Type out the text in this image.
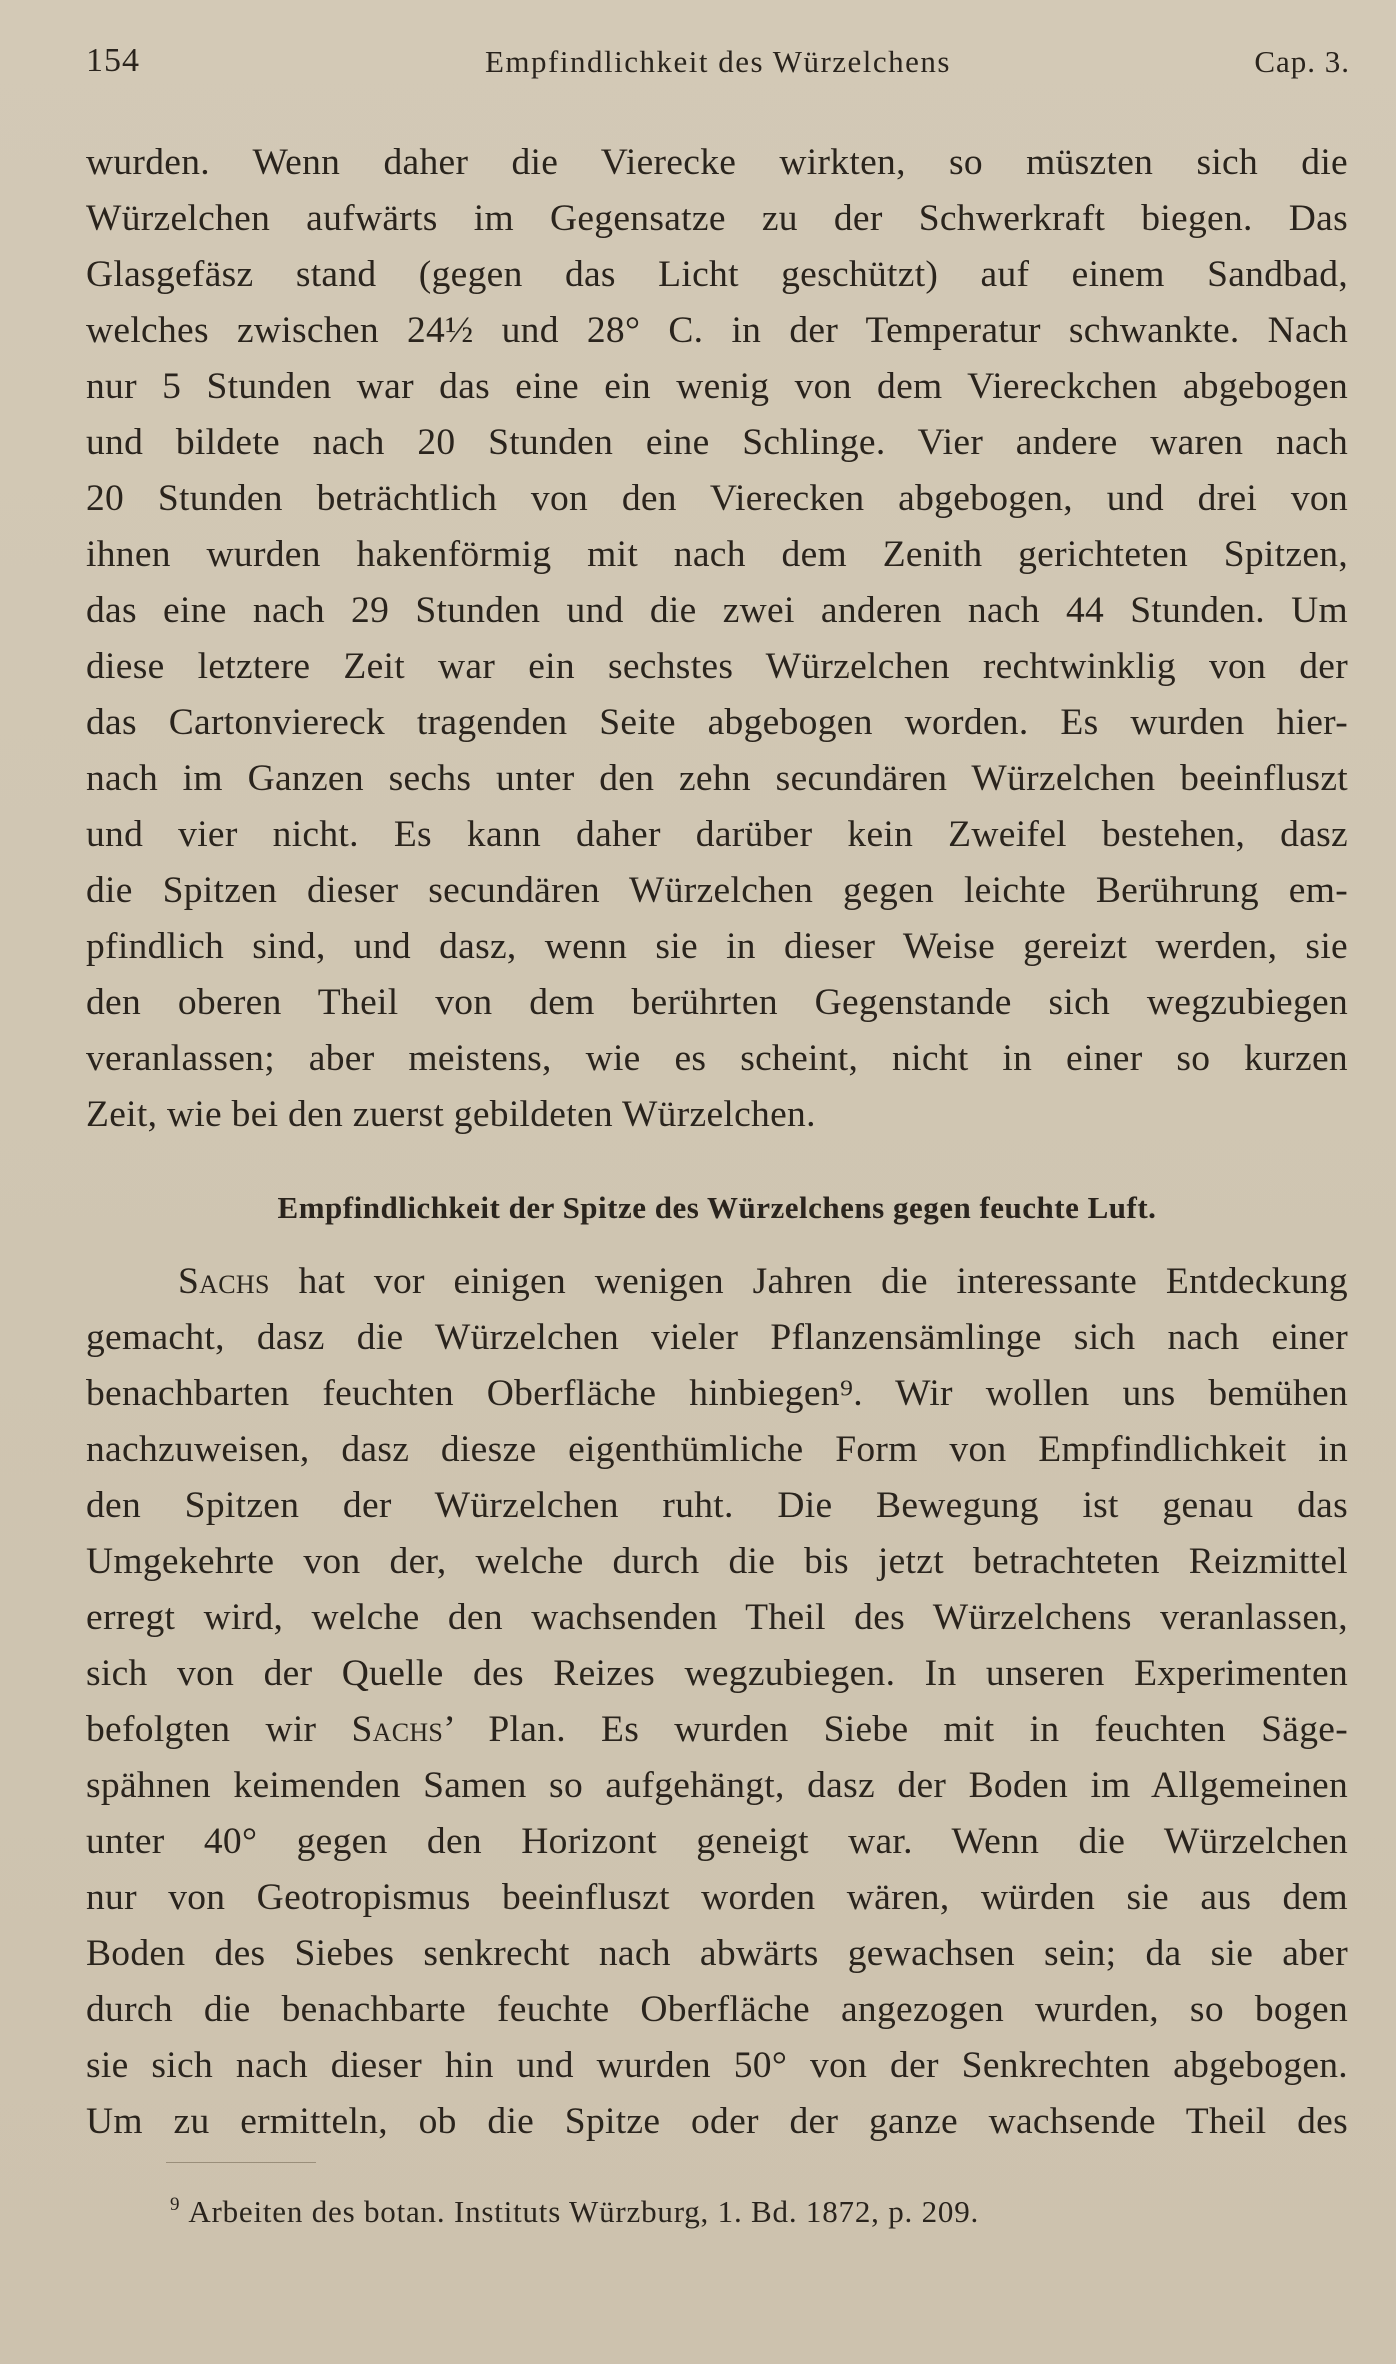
154	Empfindlichkeit des Würzelchens	Cap. 3.
wurden. Wenn daher die Vierecke wirkten, so müszten sich die
Würzelchen aufwärts im Gegensatze zu der Schwerkraft biegen. Das
Glasgefäsz stand (gegen das Licht geschützt) auf einem Sandbad,
welches zwischen 24½ und 28° C. in der Temperatur schwankte. Nach
nur 5 Stunden war das eine ein wenig von dem Viereckchen abgebogen
und bildete nach 20 Stunden eine Schlinge. Vier andere waren nach
20 Stunden beträchtlich von den Vierecken abgebogen, und drei von
ihnen wurden hakenförmig mit nach dem Zenith gerichteten Spitzen,
das eine nach 29 Stunden und die zwei anderen nach 44 Stunden. Um
diese letztere Zeit war ein sechstes Würzelchen rechtwinklig von der
das Cartonviereck tragenden Seite abgebogen worden. Es wurden hier-
nach im Ganzen sechs unter den zehn secundären Würzelchen beeinfluszt
und vier nicht. Es kann daher darüber kein Zweifel bestehen, dasz
die Spitzen dieser secundären Würzelchen gegen leichte Berührung em-
pfindlich sind, und dasz, wenn sie in dieser Weise gereizt werden, sie
den oberen Theil von dem berührten Gegenstande sich wegzubiegen
veranlassen; aber meistens, wie es scheint, nicht in einer so kurzen
Zeit, wie bei den zuerst gebildeten Würzelchen.
Empfindlichkeit der Spitze des Würzelchens gegen feuchte Luft.
Sachs hat vor einigen wenigen Jahren die interessante Entdeckung
gemacht, dasz die Würzelchen vieler Pflanzensämlinge sich nach einer
benachbarten feuchten Oberfläche hinbiegen⁹. Wir wollen uns bemühen
nachzuweisen, dasz diesze eigenthümliche Form von Empfindlichkeit in
den Spitzen der Würzelchen ruht. Die Bewegung ist genau das
Umgekehrte von der, welche durch die bis jetzt betrachteten Reizmittel
erregt wird, welche den wachsenden Theil des Würzelchens veranlassen,
sich von der Quelle des Reizes wegzubiegen. In unseren Experimenten
befolgten wir Sachs’ Plan. Es wurden Siebe mit in feuchten Säge-
spähnen keimenden Samen so aufgehängt, dasz der Boden im Allgemeinen
unter 40° gegen den Horizont geneigt war. Wenn die Würzelchen
nur von Geotropismus beeinfluszt worden wären, würden sie aus dem
Boden des Siebes senkrecht nach abwärts gewachsen sein; da sie aber
durch die benachbarte feuchte Oberfläche angezogen wurden, so bogen
sie sich nach dieser hin und wurden 50° von der Senkrechten abgebogen.
Um zu ermitteln, ob die Spitze oder der ganze wachsende Theil des
$^9$ Arbeiten des botan. Instituts Würzburg, 1. Bd. 1872, p. 209.
